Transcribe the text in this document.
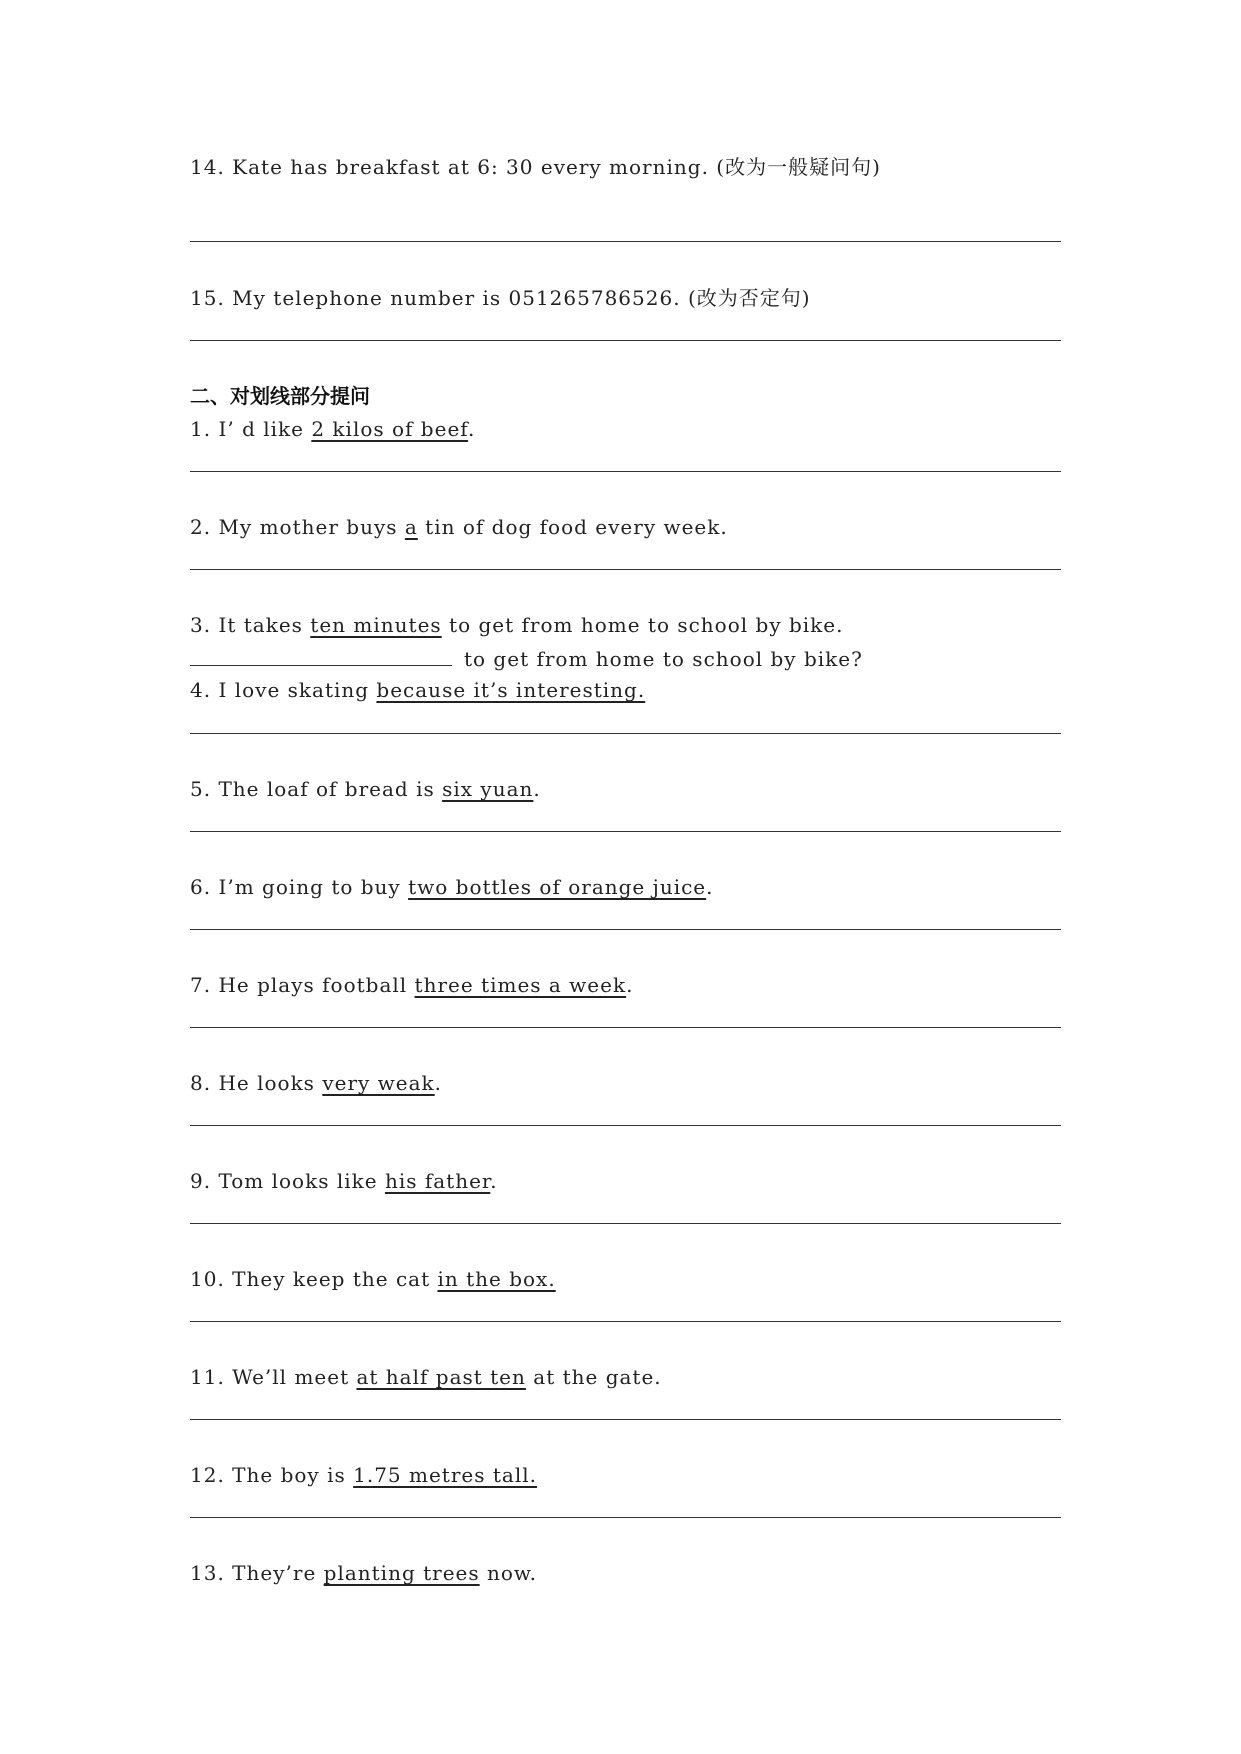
14. Kate has breakfast at 6: 30 every morning. (改为一般疑问句)
15. My telephone number is 051265786526. (改为否定句)
二、对划线部分提问
1. I’ d like 2 kilos of beef.
2. My mother buys a tin of dog food every week.
3. It takes ten minutes to get from home to school by bike.
to get from home to school by bike?
4. I love skating because it’s interesting.
5. The loaf of bread is six yuan.
6. I’m going to buy two bottles of orange juice.
7. He plays football three times a week.
8. He looks very weak.
9. Tom looks like his father.
10. They keep the cat in the box.
11. We’ll meet at half past ten at the gate.
12. The boy is 1.75 metres tall.
13. They’re planting trees now.
